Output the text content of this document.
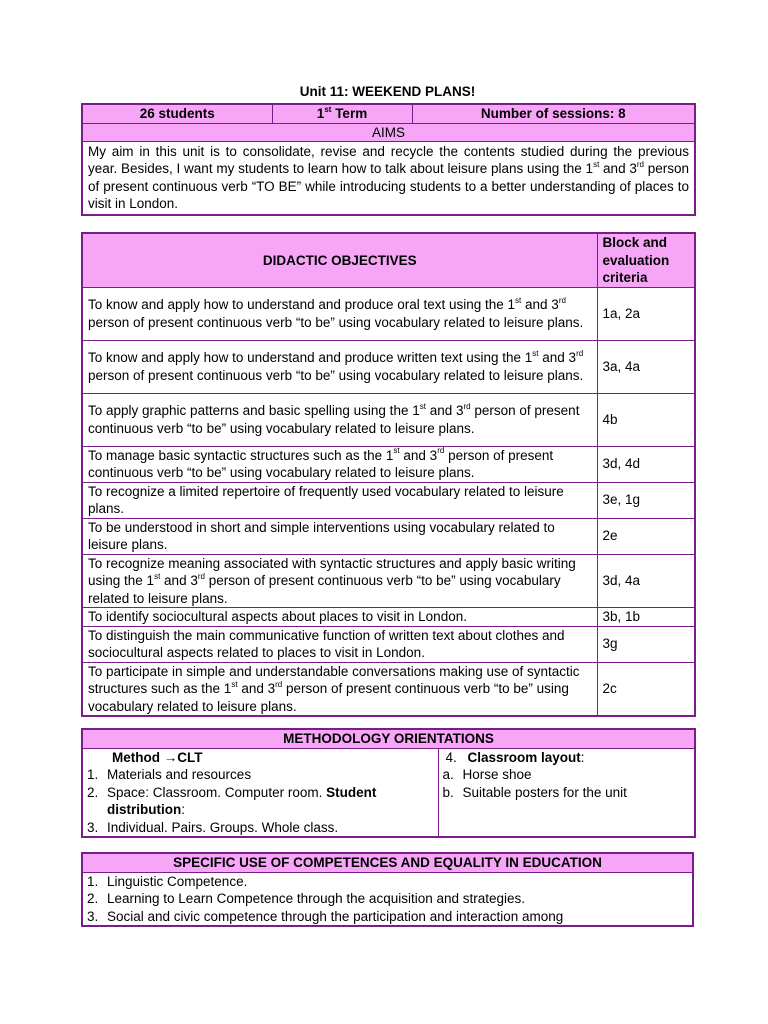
Unit 11: WEEKEND PLANS!
26 students	1st Term	Number of sessions: 8
AIMS
My aim in this unit is to consolidate, revise and recycle the contents studied during the previous year. Besides, I want my students to learn how to talk about leisure plans using the 1st and 3rd person of present continuous verb “TO BE” while introducing students to a better understanding of places to visit in London.
DIDACTIC OBJECTIVES	Block and evaluation criteria
To know and apply how to understand and produce oral text using the 1st and 3rd person of present continuous verb “to be” using vocabulary related to leisure plans.	1a, 2a
To know and apply how to understand and produce written text using the 1st and 3rd person of present continuous verb “to be” using vocabulary related to leisure plans.	3a, 4a
To apply graphic patterns and basic spelling using the 1st and 3rd person of present continuous verb “to be” using vocabulary related to leisure plans.	4b
To manage basic syntactic structures such as the 1st and 3rd person of present continuous verb “to be” using vocabulary related to leisure plans.	3d, 4d
To recognize a limited repertoire of frequently used vocabulary related to leisure plans.	3e, 1g
To be understood in short and simple interventions using vocabulary related to leisure plans.	2e
To recognize meaning associated with syntactic structures and apply basic writing using the 1st and 3rd person of present continuous verb “to be” using vocabulary related to leisure plans.	3d, 4a
To identify sociocultural aspects about places to visit in London.	3b, 1b
To distinguish the main communicative function of written text about clothes and sociocultural aspects related to places to visit in London.	3g
To participate in simple and understandable conversations making use of syntactic structures such as the 1st and 3rd person of present continuous verb “to be” using vocabulary related to leisure plans.	2c
METHODOLOGY ORIENTATIONS

Method →CLT
1. Materials and resources
2. Space: Classroom. Computer room. Student distribution:
3. Individual. Pairs. Groups. Whole class.

4. Classroom layout:
a. Horse shoe
b. Suitable posters for the unit
SPECIFIC USE OF COMPETENCES AND EQUALITY IN EDUCATION

1. Linguistic Competence.
2. Learning to Learn Competence through the acquisition and strategies.
3. Social and civic competence through the participation and interaction among
